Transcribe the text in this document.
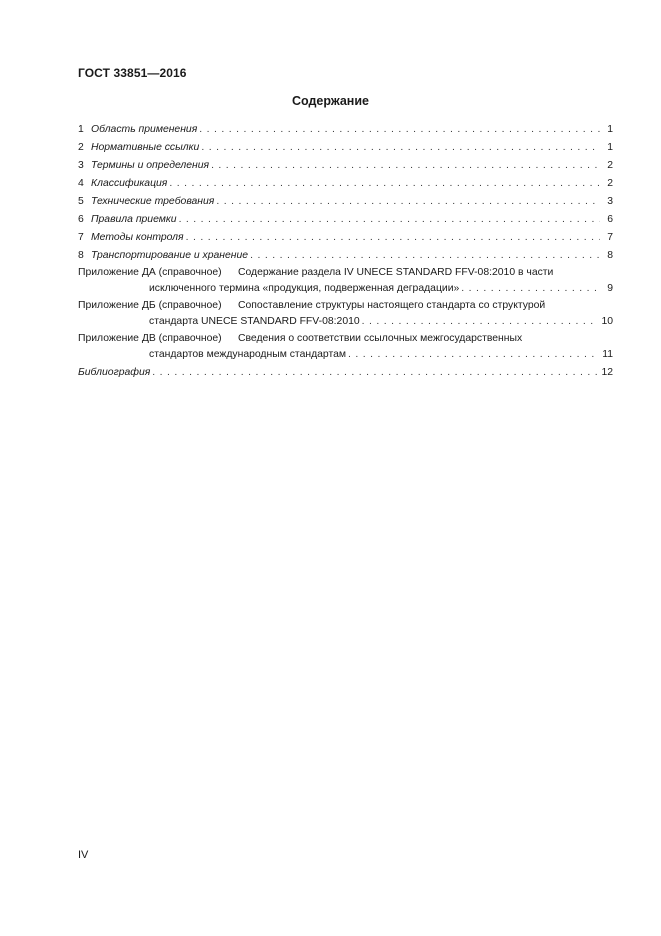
ГОСТ 33851—2016
Содержание
1 Область применения . . .	1
2 Нормативные ссылки . . .	1
3 Термины и определения . . .	2
4 Классификация . . .	2
5 Технические требования . . .	3
6 Правила приемки . . .	6
7 Методы контроля . . .	7
8 Транспортирование и хранение . . .	8
Приложение ДА (справочное) Содержание раздела IV UNECE STANDARD FFV-08:2010 в части
исключенного термина «продукция, подверженная деградации» . . .	9
Приложение ДБ (справочное) Сопоставление структуры настоящего стандарта со структурой
стандарта UNECE STANDARD FFV-08:2010 . . .	10
Приложение ДВ (справочное) Сведения о соответствии ссылочных межгосударственных
стандартов международным стандартам . . .	11
Библиография . . .	12
IV
